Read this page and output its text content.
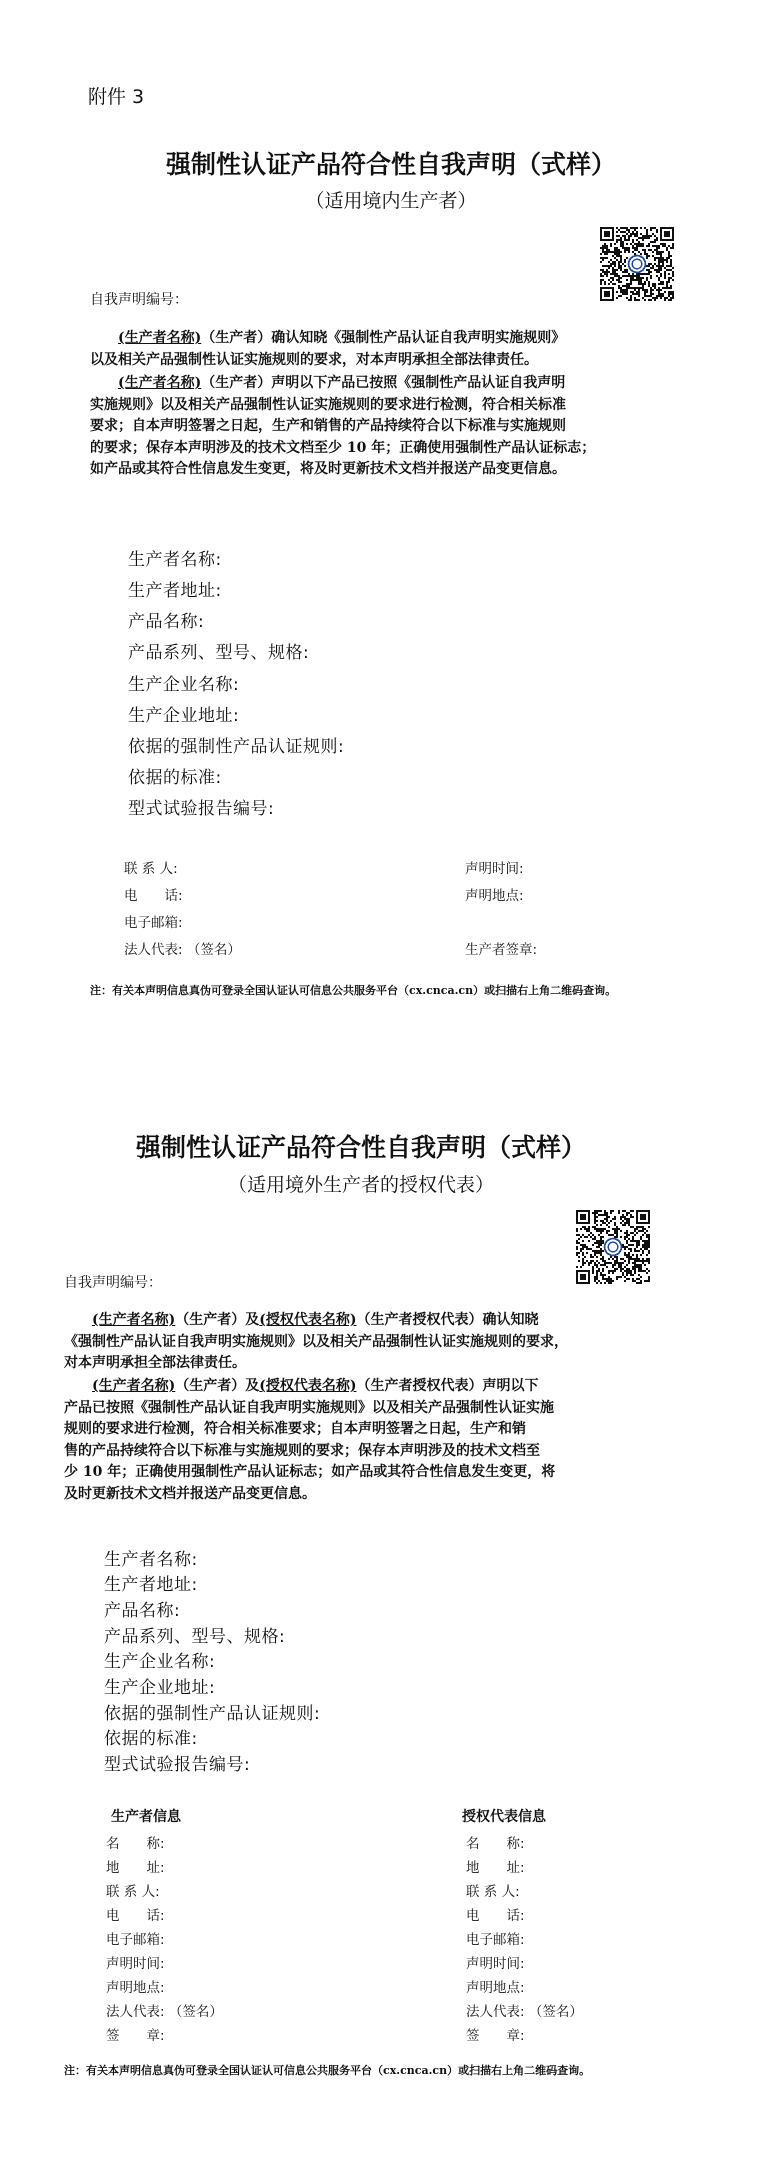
附件 3
强制性认证产品符合性自我声明（式样）
（适用境内生产者）
自我声明编号：
　　(生产者名称)（生产者）确认知晓《强制性产品认证自我声明实施规则》
以及相关产品强制性认证实施规则的要求，对本声明承担全部法律责任。
　　(生产者名称)（生产者）声明以下产品已按照《强制性产品认证自我声明
实施规则》以及相关产品强制性认证实施规则的要求进行检测，符合相关标准
要求；自本声明签署之日起，生产和销售的产品持续符合以下标准与实施规则
的要求；保存本声明涉及的技术文档至少 10 年；正确使用强制性产品认证标志；
如产品或其符合性信息发生变更，将及时更新技术文档并报送产品变更信息。
生产者名称:
生产者地址:
产品名称:
产品系列、型号、规格:
生产企业名称:
生产企业地址:
依据的强制性产品认证规则:
依据的标准:
型式试验报告编号:
联 系 人:
电　　话:
电子邮箱:
法人代表: （签名）
声明时间:
声明地点:
生产者签章:
注：有关本声明信息真伪可登录全国认证认可信息公共服务平台（cx.cnca.cn）或扫描右上角二维码查询。
强制性认证产品符合性自我声明（式样）
（适用境外生产者的授权代表）
自我声明编号：
　　(生产者名称)（生产者）及(授权代表名称)（生产者授权代表）确认知晓
《强制性产品认证自我声明实施规则》以及相关产品强制性认证实施规则的要求，
对本声明承担全部法律责任。
　　(生产者名称)（生产者）及(授权代表名称)（生产者授权代表）声明以下
产品已按照《强制性产品认证自我声明实施规则》以及相关产品强制性认证实施
规则的要求进行检测，符合相关标准要求；自本声明签署之日起，生产和销
售的产品持续符合以下标准与实施规则的要求；保存本声明涉及的技术文档至
少 10 年；正确使用强制性产品认证标志；如产品或其符合性信息发生变更，将
及时更新技术文档并报送产品变更信息。
生产者名称:
生产者地址:
产品名称:
产品系列、型号、规格:
生产企业名称:
生产企业地址:
依据的强制性产品认证规则:
依据的标准:
型式试验报告编号:
生产者信息	授权代表信息
名　　称:
地　　址:
联 系 人:
电　　话:
电子邮箱:
声明时间:
声明地点:
法人代表: （签名）
签　　章:
名　　称:
地　　址:
联 系 人:
电　　话:
电子邮箱:
声明时间:
声明地点:
法人代表: （签名）
签　　章:
注：有关本声明信息真伪可登录全国认证认可信息公共服务平台（cx.cnca.cn）或扫描右上角二维码查询。
